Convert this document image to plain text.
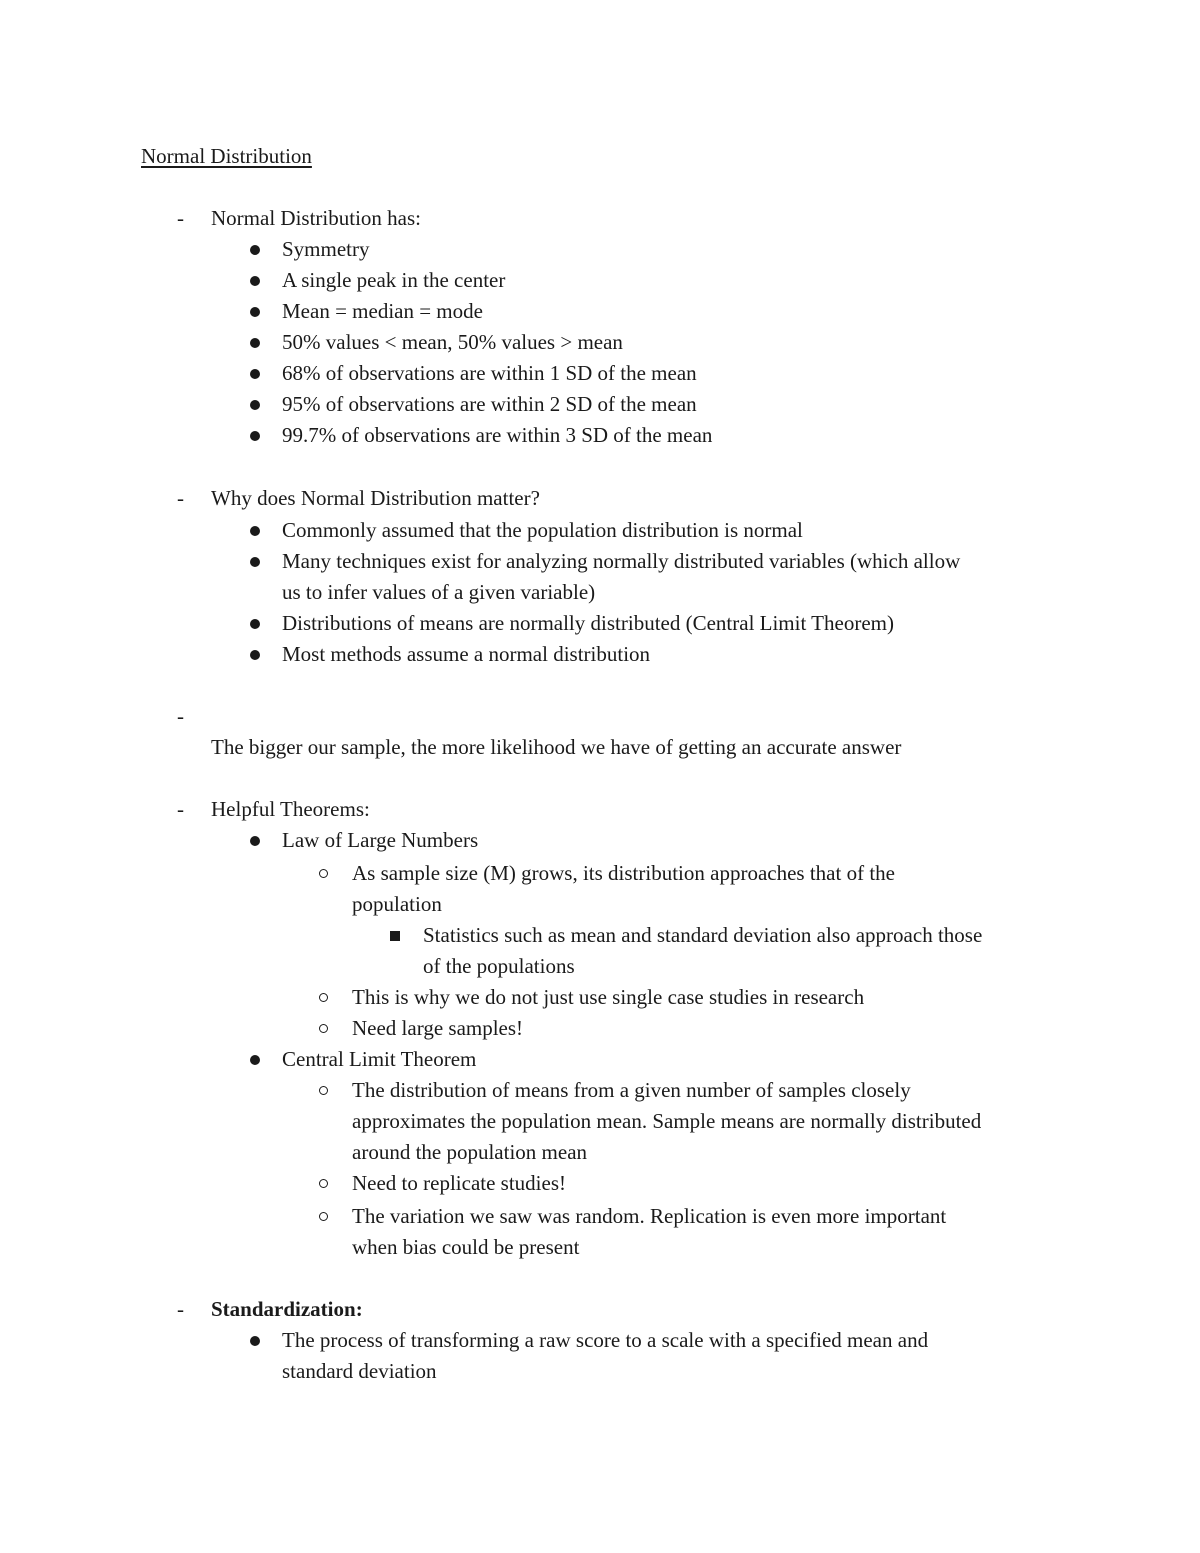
Normal Distribution
- Normal Distribution has:
Symmetry
A single peak in the center
Mean = median = mode
50% values < mean, 50% values > mean
68% of observations are within 1 SD of the mean
95% of observations are within 2 SD of the mean
99.7% of observations are within 3 SD of the mean
- Why does Normal Distribution matter?
Commonly assumed that the population distribution is normal
Many techniques exist for analyzing normally distributed variables (which allow
us to infer values of a given variable)
Distributions of means are normally distributed (Central Limit Theorem)
Most methods assume a normal distribution
-
The bigger our sample, the more likelihood we have of getting an accurate answer
- Helpful Theorems:
Law of Large Numbers
As sample size (M) grows, its distribution approaches that of the
population
Statistics such as mean and standard deviation also approach those
of the populations
This is why we do not just use single case studies in research
Need large samples!
Central Limit Theorem
The distribution of means from a given number of samples closely
approximates the population mean. Sample means are normally distributed
around the population mean
Need to replicate studies!
The variation we saw was random. Replication is even more important
when bias could be present
- Standardization:
The process of transforming a raw score to a scale with a specified mean and
standard deviation
